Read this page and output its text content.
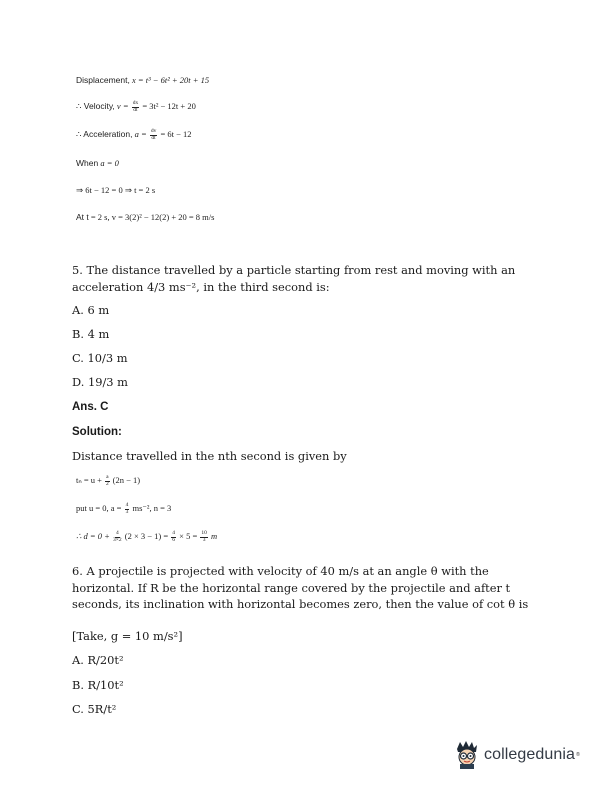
Displacement, x = t³ − 6t² + 20t + 15
∴ Velocity, $v = \frac{dx}{dt} = 3t^2 - 12t + 20$
∴ Acceleration, $a = \frac{dv}{dt} = 6t - 12$
When a = 0
⇒ 6t − 12 = 0 ⇒ t = 2 s
At t = 2 s, v = 3(2)² − 12(2) + 20 = 8 m/s
5. The distance travelled by a particle starting from rest and moving with an acceleration 4/3 ms⁻², in the third second is:
A. 6 m
B. 4 m
C. 10/3 m
D. 19/3 m
Ans. C
Solution:
Distance travelled in the nth second is given by
$t_n = u + \frac{a}{2} (2n - 1)$
put u = 0, $a = \frac{4}{3} ms^{-2}$, n = 3
∴ $d = 0 + \frac{4}{3\times 2} (2 \times 3 - 1) = \frac{4}{6} \times 5 = \frac{10}{3}$ m
6. A projectile is projected with velocity of 40 m/s at an angle θ with the horizontal. If R be the horizontal range covered by the projectile and after t seconds, its inclination with horizontal becomes zero, then the value of cot θ is
[Take, g = 10 m/s²]
A. R/20t²
B. R/10t²
C. 5R/t²
collegedunia ®
